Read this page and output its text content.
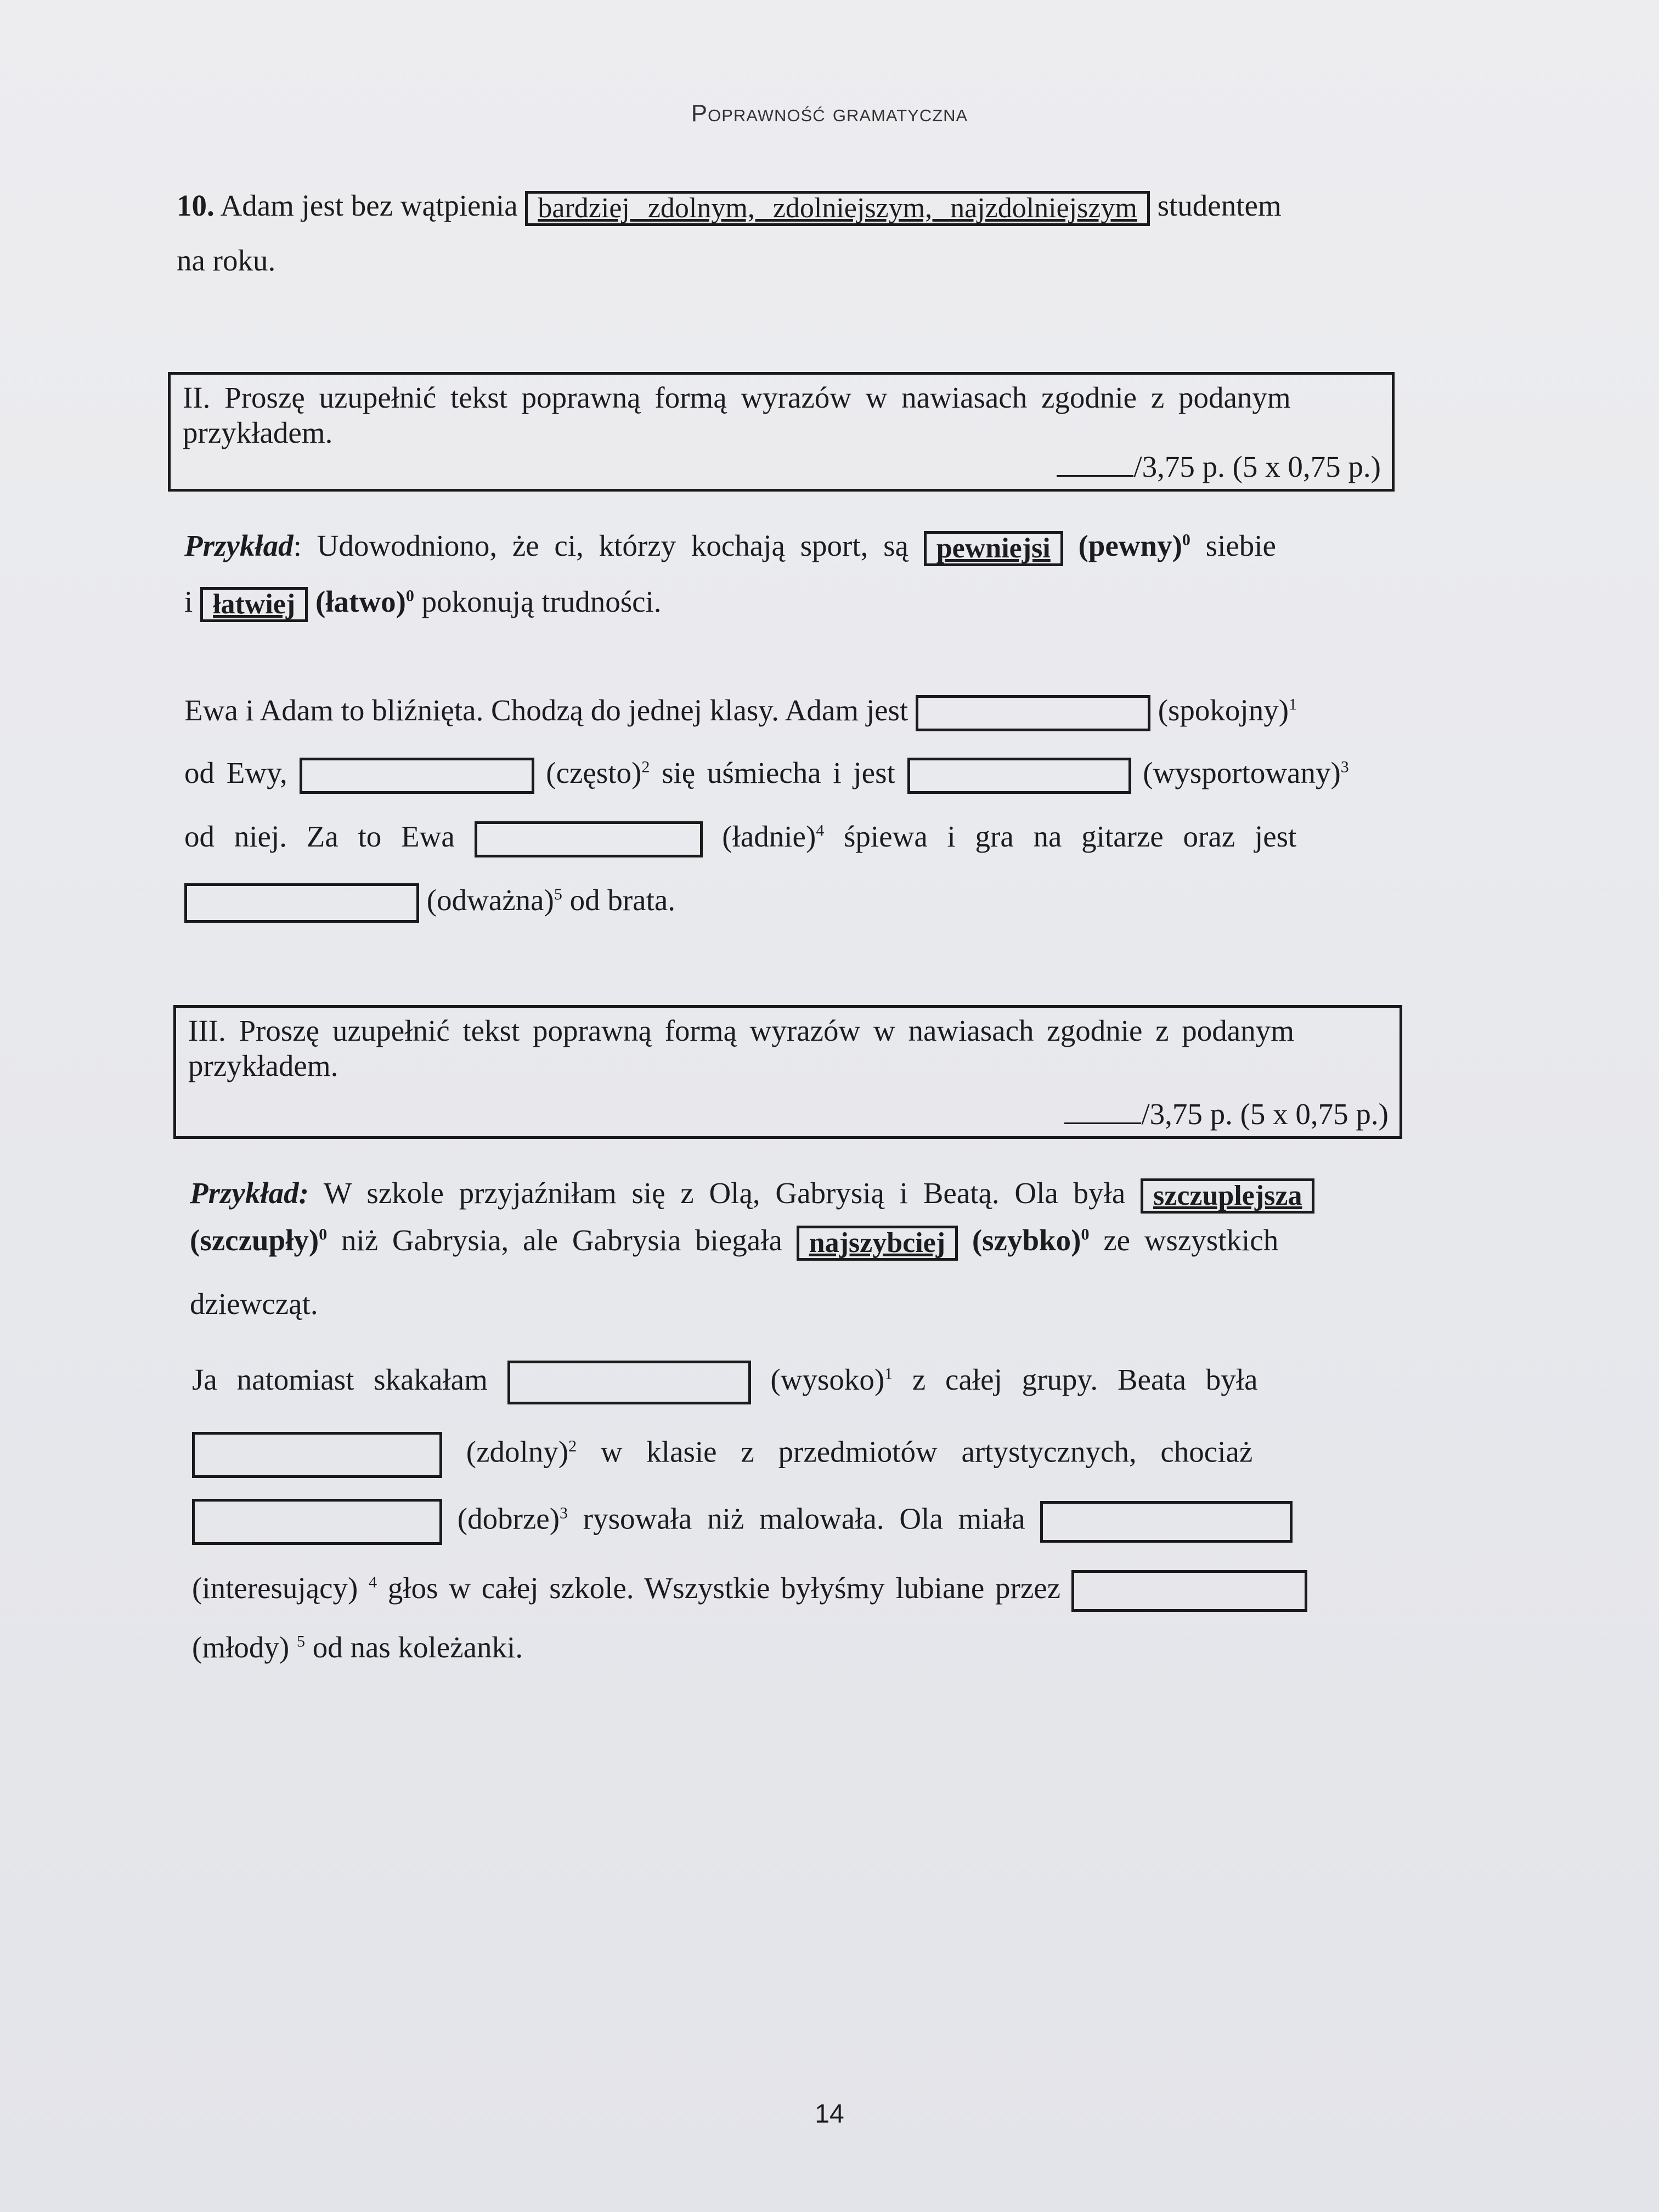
Poprawność gramatyczna
10. Adam jest bez wątpienia bardziej zdolnym, zdolniejszym, najzdolniejszym studentem
na roku.
II. Proszę uzupełnić tekst poprawną formą wyrazów w nawiasach zgodnie z podanym
przykładem.
/3,75 p. (5 x 0,75 p.)
Przykład: Udowodniono, że ci, którzy kochają sport, są pewniejsi (pewny)$^0$ siebie
i łatwiej (łatwo)$^0$ pokonują trudności.
Ewa i Adam to bliźnięta. Chodzą do jednej klasy. Adam jest	(spokojny)$^1$
od Ewy,	(często)$^2$ się uśmiecha i jest	(wysportowany)$^3$
od niej. Za to Ewa	(ładnie)$^4$ śpiewa i gra na gitarze oraz jest
(odważna)$^5$ od brata.
III. Proszę uzupełnić tekst poprawną formą wyrazów w nawiasach zgodnie z podanym
przykładem.
/3,75 p. (5 x 0,75 p.)
Przykład: W szkole przyjaźniłam się z Olą, Gabrysią i Beatą. Ola była szczuplejsza
(szczupły)$^0$ niż Gabrysia, ale Gabrysia biegała najszybciej (szybko)$^0$ ze wszystkich
dziewcząt.
Ja natomiast skakałam	(wysoko)$^1$ z całej grupy. Beata była
$(zdolny)^2$ w klasie z przedmiotów artystycznych, chociaż
(dobrze)$^3$ rysowała niż malowała. Ola miała
(interesujący) $^4$ głos w całej szkole. Wszystkie byłyśmy lubiane przez
(młody) $^5$ od nas koleżanki.
14
